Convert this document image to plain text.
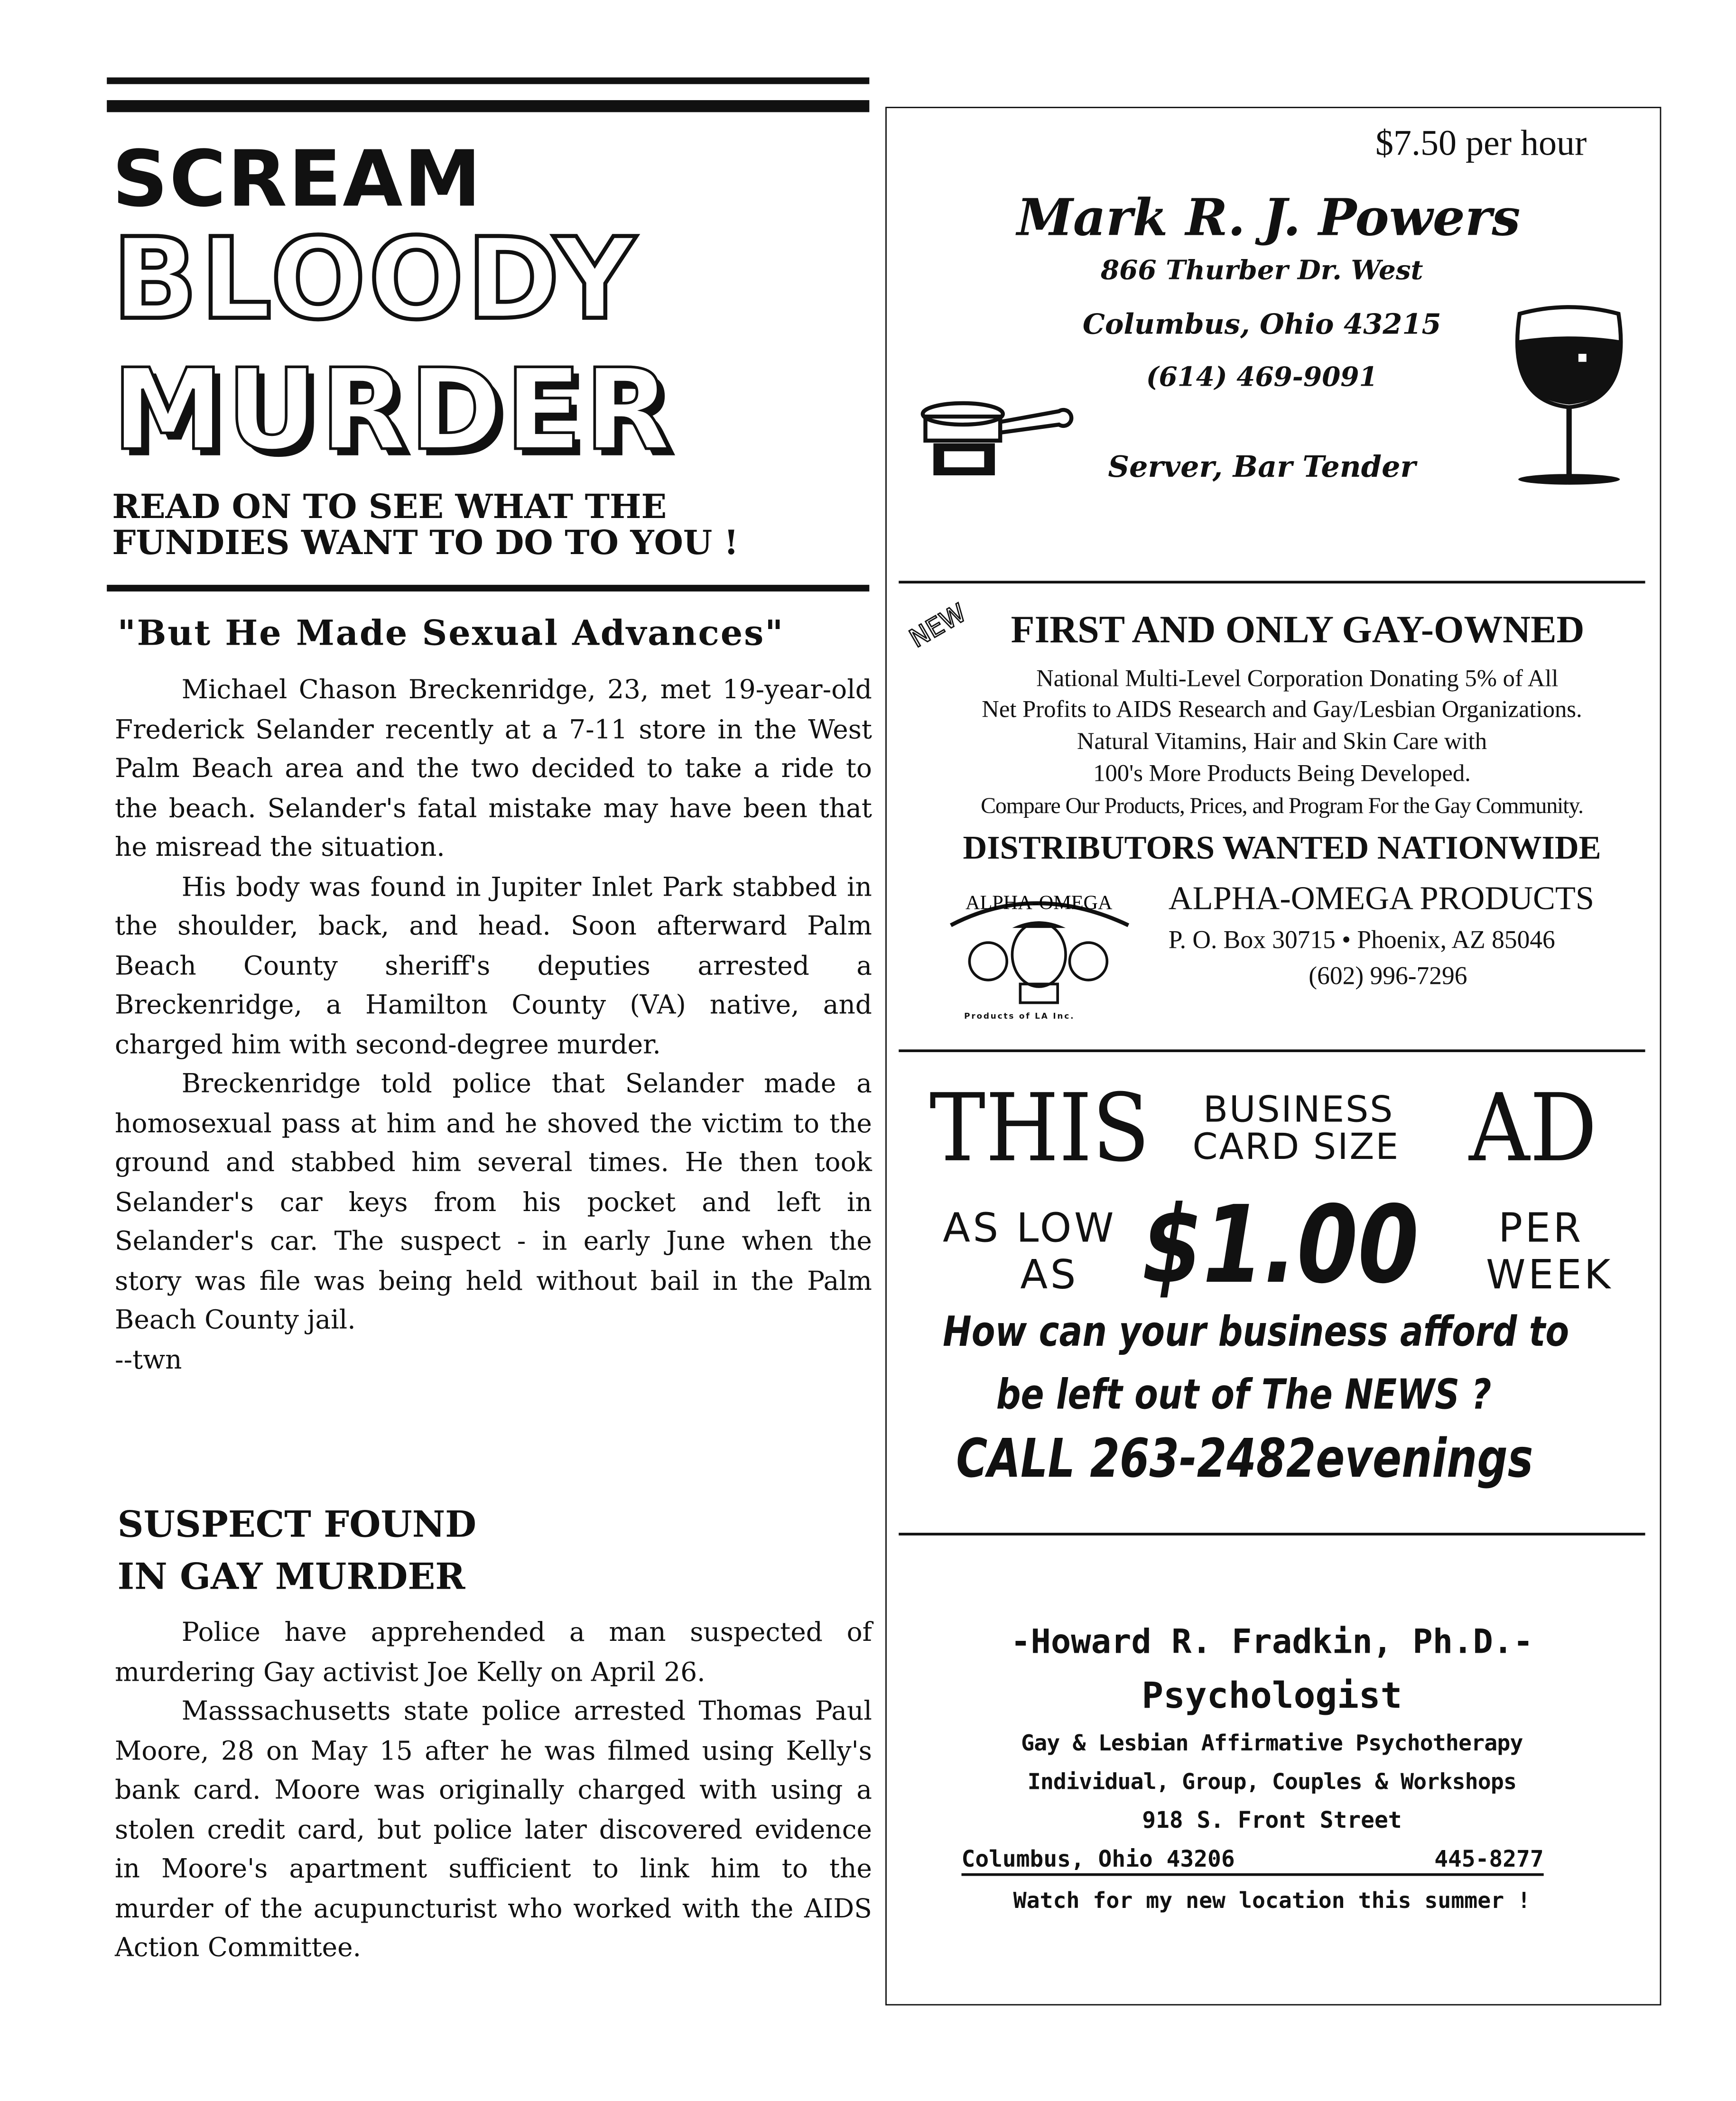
SCREAM
BLOODY
MURDER
READ ON TO SEE WHAT THE
FUNDIES WANT TO DO TO YOU !
"But He Made Sexual Advances"

Michael Chason Breckenridge, 23, met 19-year-old Frederick Selander recently at a 7-11 store in the West Palm Beach area and the two decided to take a ride to the beach. Selander's fatal mistake may have been that he misread the situation.

His body was found in Jupiter Inlet Park stabbed in the shoulder, back, and head. Soon afterward Palm Beach County sheriff's deputies arrested a Breckenridge, a Hamilton County (VA) native, and charged him with second-degree murder.

Breckenridge told police that Selander made a homosexual pass at him and he shoved the victim to the ground and stabbed him several times. He then took Selander's car keys from his pocket and left in Selander's car. The suspect - in early June when the story was file was being held without bail in the Palm Beach County jail.

--twn

SUSPECT FOUND
IN GAY MURDER

Police have apprehended a man suspected of murdering Gay activist Joe Kelly on April 26.

Masssachusetts state police arrested Thomas Paul Moore, 28 on May 15 after he was filmed using Kelly's bank card. Moore was originally charged with using a stolen credit card, but police later discovered evidence in Moore's apartment sufficient to link him to the murder of the acupuncturist who worked with the AIDS Action Committee.

$7.50 per hour
Mark R. J. Powers
866 Thurber Dr. West
Columbus, Ohio 43215
(614) 469-9091
Server, Bar Tender
NEW	FIRST AND ONLY GAY-OWNED
National Multi-Level Corporation Donating 5% of All
Net Profits to AIDS Research and Gay/Lesbian Organizations.
Natural Vitamins, Hair and Skin Care with
100's More Products Being Developed.
Compare Our Products, Prices, and Program For the Gay Community.
DISTRIBUTORS WANTED NATIONWIDE
ALPHA-OMEGA
Products of LA Inc.
ALPHA-OMEGA PRODUCTS
P. O. Box 30715 • Phoenix, AZ 85046
(602) 996-7296
THIS	BUSINESS
CARD SIZE AD
AS LOW
AS	$1.00	PER
WEEK
How can your business afford to
be left out of The NEWS ?
CALL 263-2482evenings
-Howard R. Fradkin, Ph.D.-
Psychologist
Gay & Lesbian Affirmative Psychotherapy
Individual, Group, Couples & Workshops
918 S. Front Street
Columbus, Ohio 43206	445-8277
Watch for my new location this summer !
